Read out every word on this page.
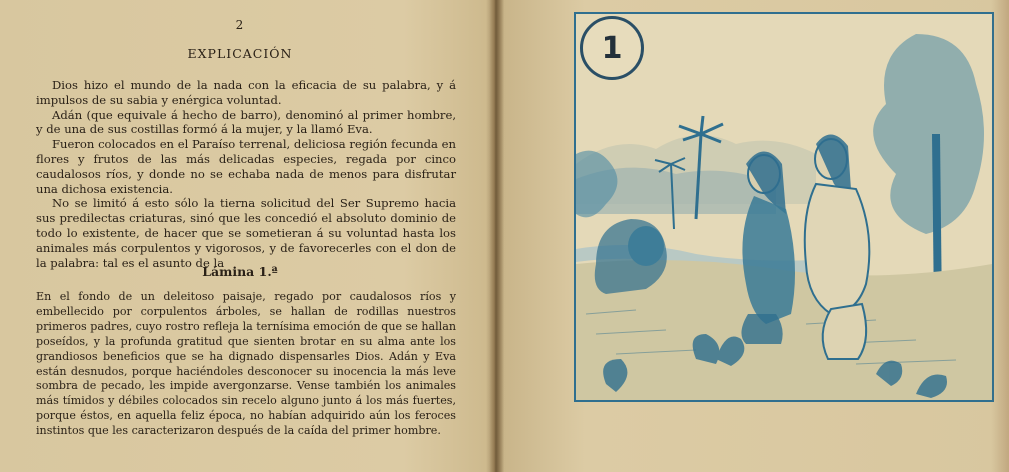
2
EXPLICACIÓN

Dios hizo el mundo de la nada con la eficacia de su palabra, y á impulsos de su sabia y enérgica voluntad.

Adán (que equivale á hecho de barro), denominó al primer hombre, y de una de sus costillas formó á la mujer, y la llamó Eva.

Fueron colocados en el Paraíso terrenal, deliciosa región fecunda en flores y frutos de las más delicadas especies, regada por cinco caudalosos ríos, y donde no se echaba nada de menos para disfrutar una dichosa existencia.

No se limitó á esto sólo la tierna solicitud del Ser Supremo hacia sus predilectas criaturas, sinó que les concedió el absoluto dominio de todo lo existente, de hacer que se sometieran á su voluntad hasta los animales más corpulentos y vigorosos, y de favorecerles con el don de la palabra: tal es el asunto de la

Lámina 1.ª

En el fondo de un deleitoso paisaje, regado por caudalosos ríos y embellecido por corpulentos árboles, se hallan de rodillas nuestros primeros padres, cuyo rostro refleja la ternísima emoción de que se hallan poseídos, y la profunda gratitud que sienten brotar en su alma ante los grandiosos beneficios que se ha dignado dispensarles Dios. Adán y Eva están desnudos, porque haciéndoles desconocer su inocencia la más leve sombra de pecado, les impide avergonzarse. Vense también los animales más tímidos y débiles colocados sin recelo alguno junto á los más fuertes, porque éstos, en aquella feliz época, no habían adquirido aún los feroces instintos que les caracterizaron después de la caída del primer hombre.

1
